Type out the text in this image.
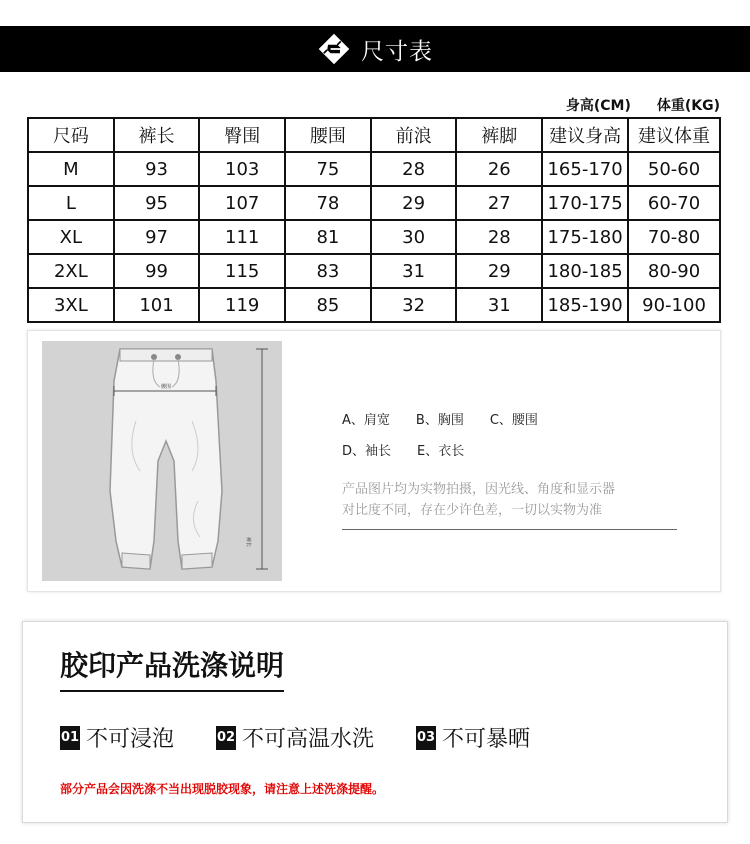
尺寸表
身高(CM) 体重(KG)
尺码	裤长	臀围	腰围	前浪	裤脚	建议身高	建议体重
M	93	103	75	28	26	165-170	50-60
L	95	107	78	29	27	170-175	60-70
XL	97	111	81	30	28	175-180	70-80
2XL	99	115	83	31	29	180-185	80-90
3XL	101	119	85	32	31	185-190	90-100
腰围
裤长
A、肩宽 B、胸围 C、腰围
D、袖长 E、衣长
产品图片均为实物拍摄，因光线、角度和显示器
对比度不同，存在少许色差，一切以实物为准
胶印产品洗涤说明
01 不可浸泡	02 不可高温水洗	03 不可暴晒
部分产品会因洗涤不当出现脱胶现象，请注意上述洗涤提醒。
